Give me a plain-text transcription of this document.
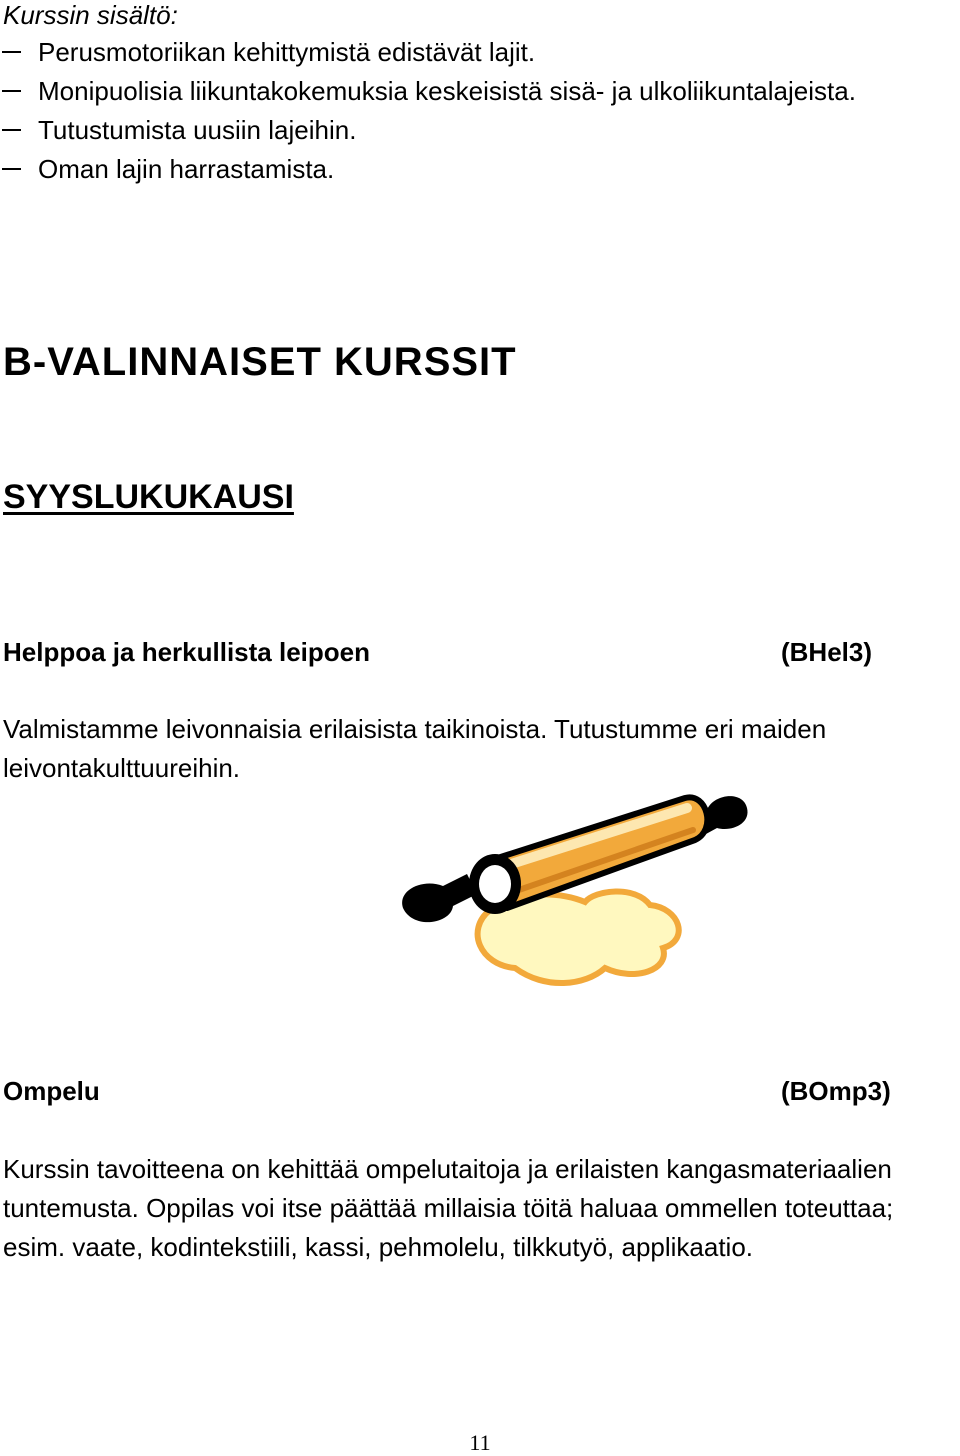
Kurssin sisältö:
Perusmotoriikan kehittymistä edistävät lajit.
Monipuolisia liikuntakokemuksia keskeisistä sisä- ja ulkoliikuntalajeista.
Tutustumista uusiin lajeihin.
Oman lajin harrastamista.
B-VALINNAISET KURSSIT
SYYSLUKUKAUSI
Helppoa ja herkullista leipoen	(BHel3)

Valmistamme leivonnaisia erilaisista taikinoista. Tutustumme eri maiden leivontakulttuureihin.

Ompelu	(BOmp3)

Kurssin tavoitteena on kehittää ompelutaitoja ja erilaisten kangasmateriaalien tuntemusta. Oppilas voi itse päättää millaisia töitä haluaa ommellen toteuttaa; esim. vaate, kodintekstiili, kassi, pehmolelu, tilkkutyö, applikaatio.

11
